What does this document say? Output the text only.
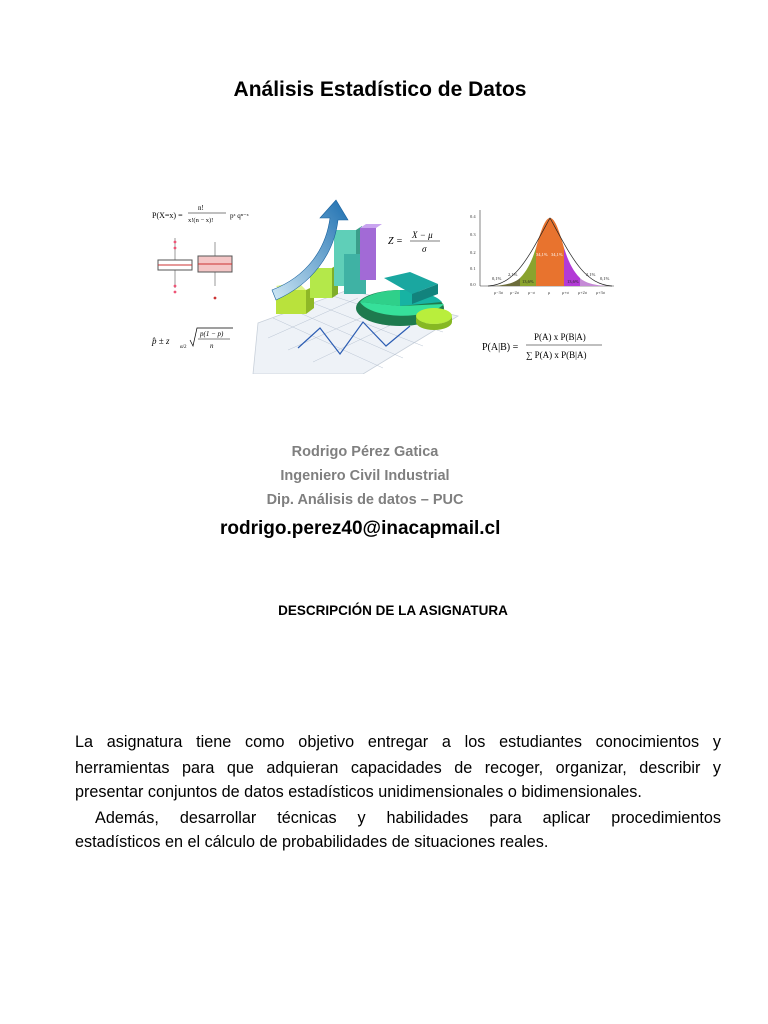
Análisis Estadístico de Datos
P(X=x) =
n!
x!(n − x)!
pˣ qⁿ⁻ˣ
p̂ ± z
α/2
p(1 − p)
n
Z =
X − μ
σ
0.4
0.3
0.2
0.1
0.0
0,1%
2,1%
13,6%
34,1% 34,1%
13,6%
2,1%
0,1%
μ−3σ μ−2σ μ−σ	μ	μ+σ μ+2σ μ+3σ
P(A|B) =
P(A) x P(B|A)
∑ P(A) x P(B|A)
Rodrigo Pérez Gatica
Ingeniero Civil Industrial
Dip. Análisis de datos – PUC
rodrigo.perez40@inacapmail.cl
DESCRIPCIÓN DE LA ASIGNATURA
La asignatura tiene como objetivo entregar a los estudiantes conocimientos y
herramientas para que adquieran capacidades de recoger, organizar, describir y
presentar conjuntos de datos estadísticos unidimensionales o bidimensionales.
Además, desarrollar técnicas y habilidades para aplicar procedimientos
estadísticos en el cálculo de probabilidades de situaciones reales.
